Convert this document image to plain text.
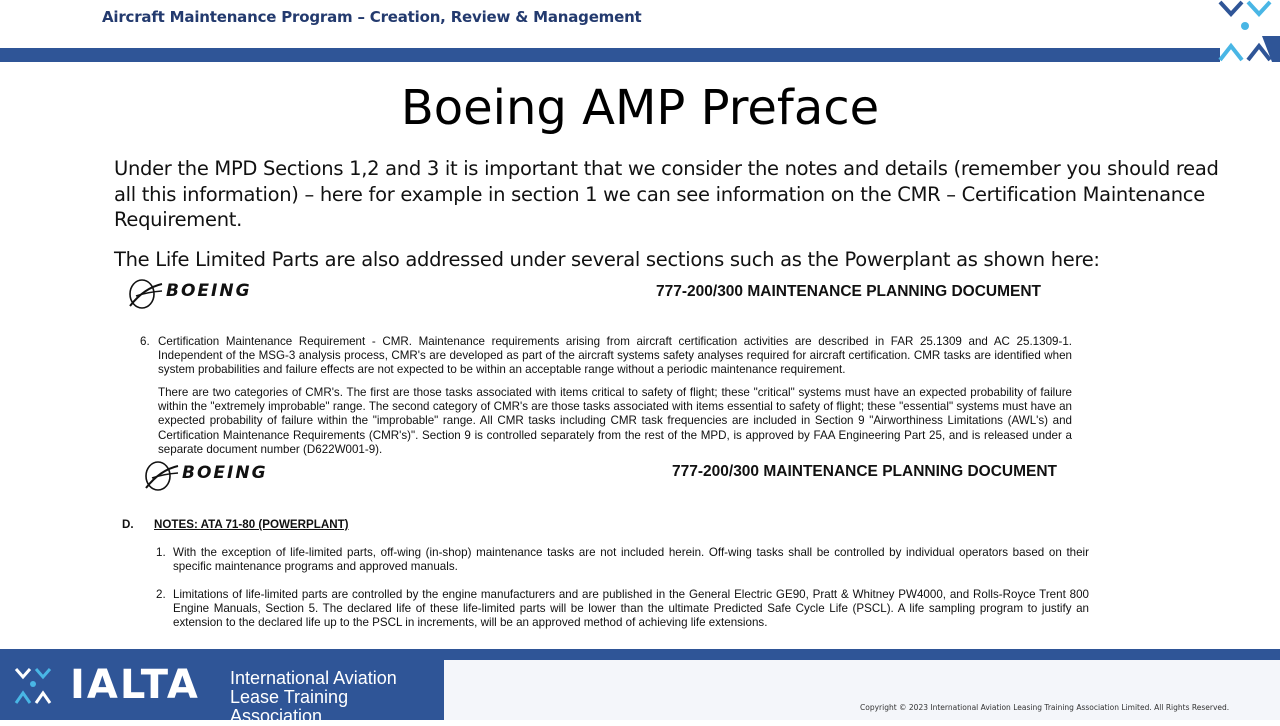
Aircraft Maintenance Program – Creation, Review & Management
Boeing AMP Preface
Under the MPD Sections 1,2 and 3 it is important that we consider the notes and details (remember you should read all this information) – here for example in section 1 we can see information on the CMR – Certification Maintenance Requirement.
The Life Limited Parts are also addressed under several sections such as the Powerplant as shown here:
BOEING	777-200/300 MAINTENANCE PLANNING DOCUMENT
6. Certification Maintenance Requirement - CMR. Maintenance requirements arising from aircraft certification activities are described in FAR 25.1309 and AC 25.1309-1. Independent of the MSG-3 analysis process, CMR's are developed as part of the aircraft systems safety analyses required for aircraft certification. CMR tasks are identified when system probabilities and failure effects are not expected to be within an acceptable range without a periodic maintenance requirement.
There are two categories of CMR's. The first are those tasks associated with items critical to safety of flight; these "critical" systems must have an expected probability of failure within the "extremely improbable" range. The second category of CMR's are those tasks associated with items essential to safety of flight; these "essential" systems must have an expected probability of failure within the "improbable" range. All CMR tasks including CMR task frequencies are included in Section 9 "Airworthiness Limitations (AWL's) and Certification Maintenance Requirements (CMR's)". Section 9 is controlled separately from the rest of the MPD, is approved by FAA Engineering Part 25, and is released under a separate document number (D622W001-9).
BOEING	777-200/300 MAINTENANCE PLANNING DOCUMENT
D. NOTES: ATA 71-80 (POWERPLANT)
1. With the exception of life-limited parts, off-wing (in-shop) maintenance tasks are not included herein. Off-wing tasks shall be controlled by individual operators based on their specific maintenance programs and approved manuals.
2. Limitations of life-limited parts are controlled by the engine manufacturers and are published in the General Electric GE90, Pratt & Whitney PW4000, and Rolls-Royce Trent 800 Engine Manuals, Section 5. The declared life of these life-limited parts will be lower than the ultimate Predicted Safe Cycle Life (PSCL). A life sampling program to justify an extension to the declared life up to the PSCL in increments, will be an approved method of achieving life extensions.
IALTA International Aviation
Lease Training Association	Copyright © 2023 International Aviation Leasing Training Association Limited. All Rights Reserved.
